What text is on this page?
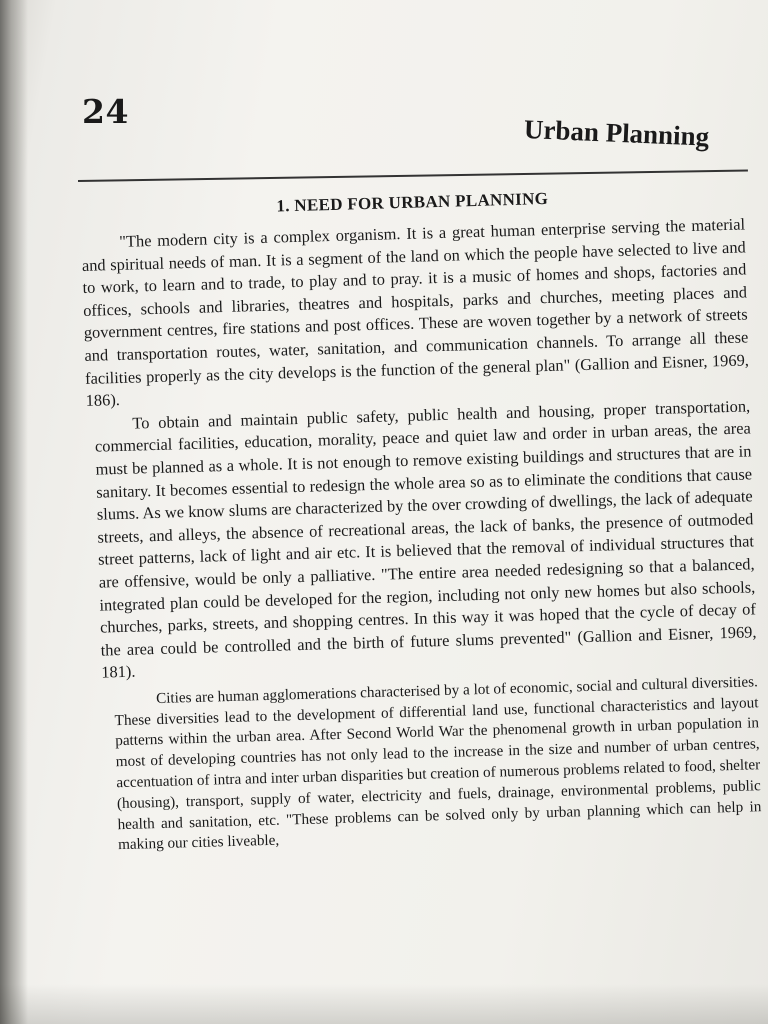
24
Urban Planning
1. NEED FOR URBAN PLANNING

"The modern city is a complex organism. It is a great human enterprise serving the material and spiritual needs of man. It is a segment of the land on which the people have selected to live and to work, to learn and to trade, to play and to pray. it is a music of homes and shops, factories and offices, schools and libraries, theatres and hospitals, parks and churches, meeting places and government centres, fire stations and post offices. These are woven together by a network of streets and transportation routes, water, sanitation, and communication channels. To arrange all these facilities properly as the city develops is the function of the general plan" (Gallion and Eisner, 1969, 186). To obtain and maintain public safety, public health and housing, proper transportation, commercial facilities, education, morality, peace and quiet law and order in urban areas, the area must be planned as a whole. It is not enough to remove existing buildings and structures that are in sanitary. It becomes essential to redesign the whole area so as to eliminate the conditions that cause slums. As we know slums are characterized by the over crowding of dwellings, the lack of adequate streets, and alleys, the absence of recreational areas, the lack of banks, the presence of outmoded street patterns, lack of light and air etc. It is believed that the removal of individual structures that are offensive, would be only a palliative. "The entire area needed redesigning so that a balanced, integrated plan could be developed for the region, including not only new homes but also schools, churches, parks, streets, and shopping centres. In this way it was hoped that the cycle of decay of the area could be controlled and the birth of future slums prevented" (Gallion and Eisner, 1969, 181).

Cities are human agglomerations characterised by a lot of economic, social and cultural diversities. These diversities lead to the development of differential land use, functional characteristics and layout patterns within the urban area. After Second World War the phenomenal growth in urban population in most of developing countries has not only lead to the increase in the size and number of urban centres, accentuation of intra and inter urban disparities but creation of numerous problems related to food, shelter (housing), transport, supply of water, electricity and fuels, drainage, environmental problems, public health and sanitation, etc. "These problems can be solved only by urban planning which can help in making our cities liveable,
